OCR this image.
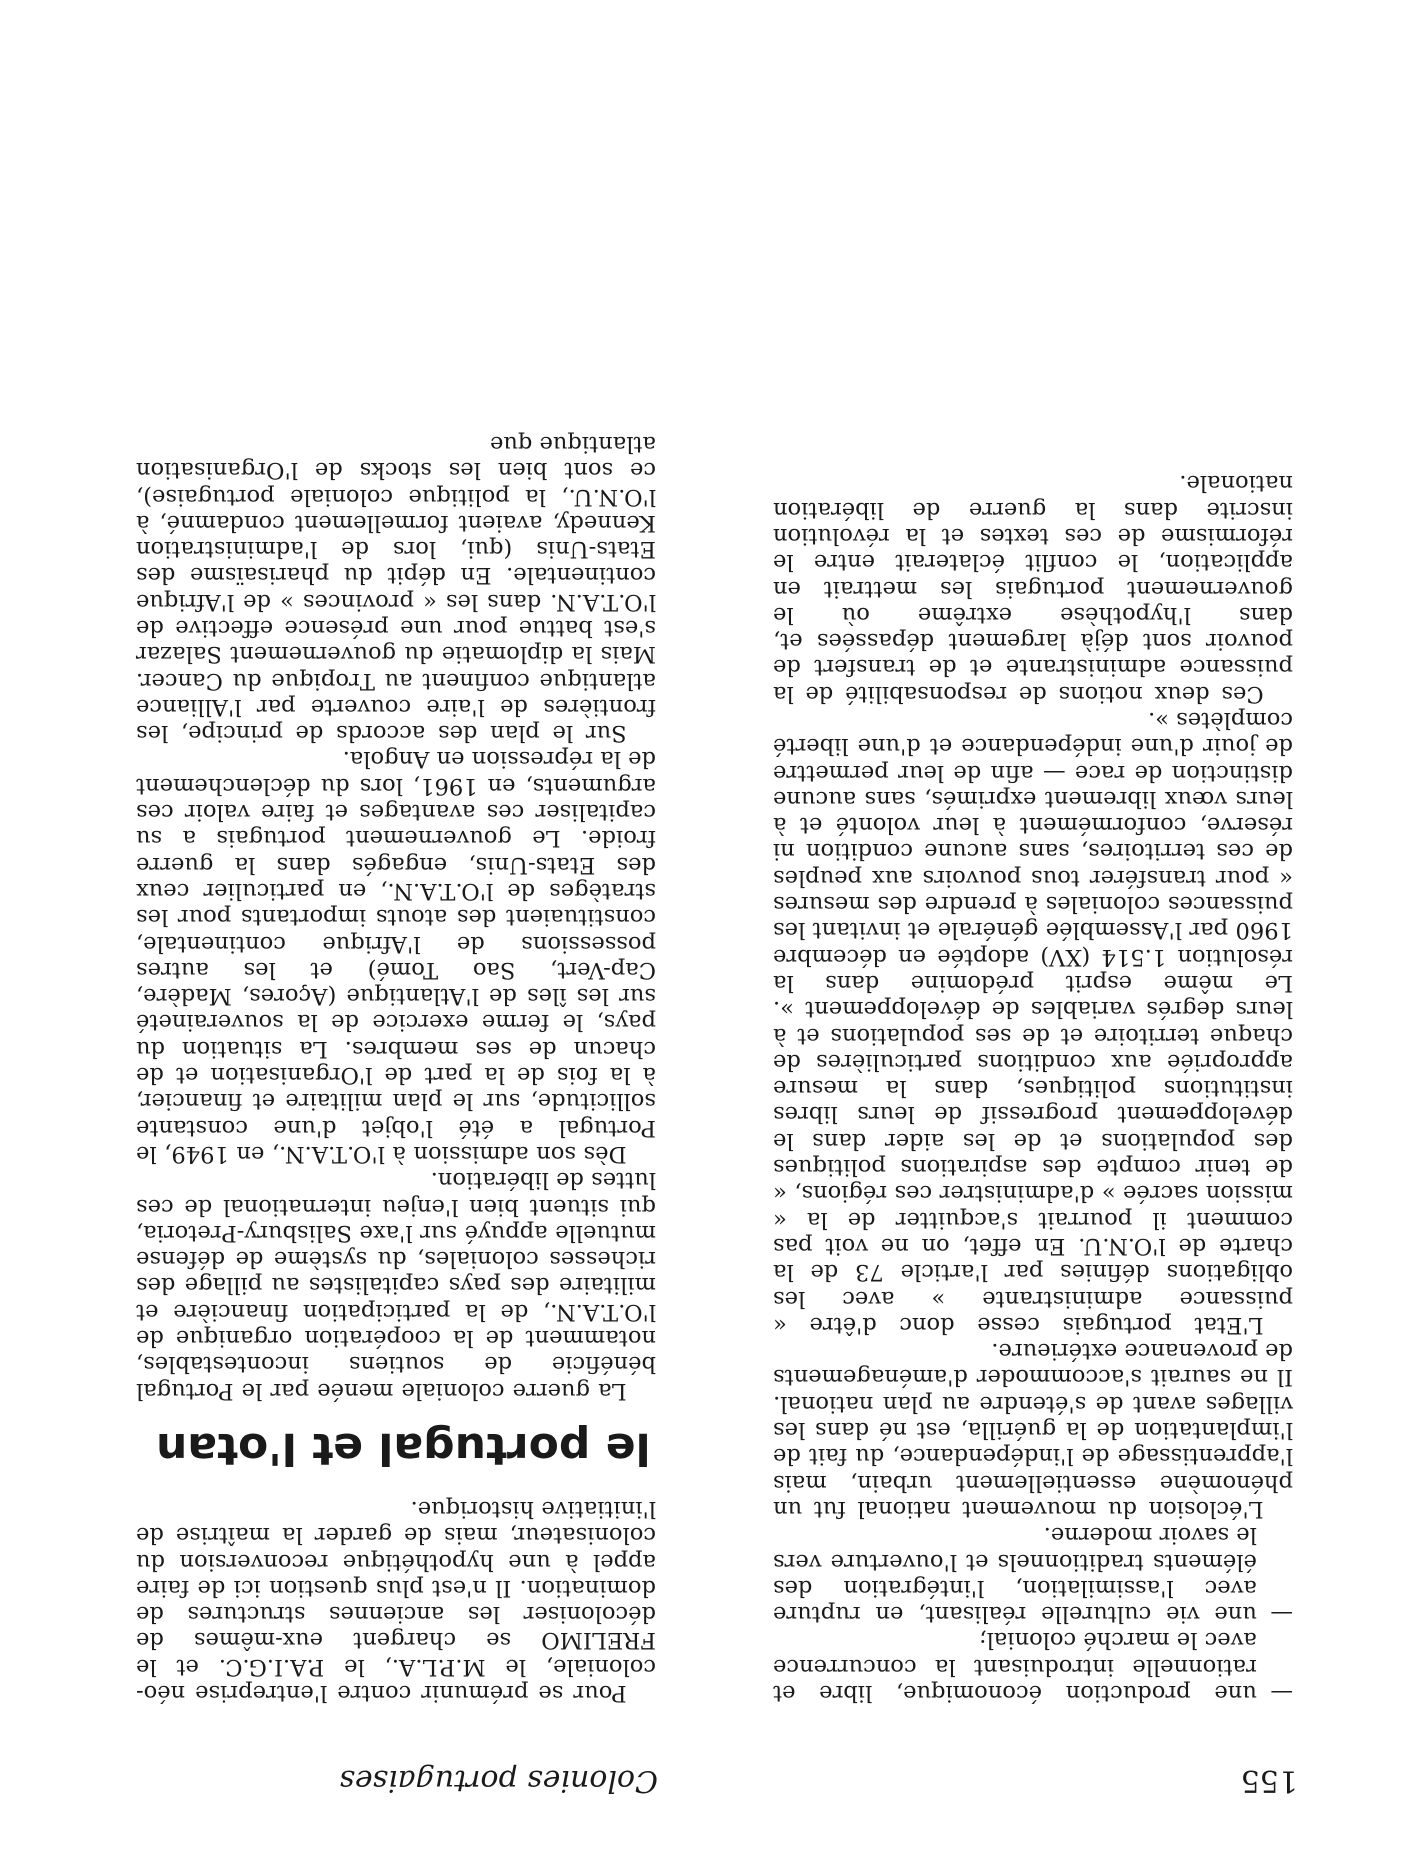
155
Colonies portugaises

— une production économique, libre et rationnelle introduisant la concurrence avec le marché colonial;

— une vie culturelle réalisant, en rupture avec l'assimilation, l'intégration des éléments traditionnels et l'ouverture vers le savoir moderne.

L'éclosion du mouvement national fut un phénomène essentiellement urbain, mais l'apprentissage de l'indépendance, du fait de l'implantation de la guérilla, est né dans les villages avant de s'étendre au plan national. Il ne saurait s'accommoder d'aménagements de provenance extérieure.

L'Etat portugais cesse donc d'être « puissance administrante » avec les obligations définies par l'article 73 de la charte de l'O.N.U. En effet, on ne voit pas comment il pourrait s'acquitter de la « mission sacrée » d'administrer ces régions, « de tenir compte des aspirations politiques des populations et de les aider dans le développement progressif de leurs libres institutions politiques, dans la mesure appropriée aux conditions particulières de chaque territoire et de ses populations et à leurs degrés variables de développement ». Le même esprit prédomine dans la résolution 1.514 (XV) adoptée en décembre 1960 par l'Assemblée générale et invitant les puissances coloniales à prendre des mesures « pour transférer tous pouvoirs aux peuples de ces territoires, sans aucune condition ni réserve, conformément à leur volonté et à leurs vœux librement exprimés, sans aucune distinction de race — afin de leur permettre de jouir d'une indépendance et d'une liberté complètes ».

Ces deux notions de responsabilité de la puissance administrante et de transfert de pouvoir sont déjà largement dépassées et, dans l'hypothèse extrême où le gouvernement portugais les mettrait en application, le conflit éclaterait entre le réformisme de ces textes et la révolution inscrite dans la guerre de libération nationale.

Pour se prémunir contre l'entreprise néo-coloniale, le M.P.L.A., le P.A.I.G.C. et le FRELIMO se chargent eux-mêmes de décoloniser les anciennes structures de domination. Il n'est plus question ici de faire appel à une hypothétique reconversion du colonisateur, mais de garder la maîtrise de l'initiative historique.

le portugal et l'otan

La guerre coloniale menée par le Portugal bénéficie de soutiens incontestables, notamment de la coopération organique de l'O.T.A.N., de la participation financière et militaire des pays capitalistes au pillage des richesses coloniales, du système de défense mutuelle appuyé sur l'axe Salisbury-Pretoria, qui situent bien l'enjeu international de ces luttes de libération.

Dès son admission à l'O.T.A.N., en 1949, le Portugal a été l'objet d'une constante sollicitude, sur le plan militaire et financier, à la fois de la part de l'Organisation et de chacun de ses membres. La situation du pays, le ferme exercice de la souveraineté sur les îles de l'Atlantique (Açores, Madère, Cap-Vert, Sao Tomé) et les autres possessions de l'Afrique continentale, constituaient des atouts importants pour les stratèges de l'O.T.A.N., en particulier ceux des Etats-Unis, engagés dans la guerre froide. Le gouvernement portugais a su capitaliser ces avantages et faire valoir ces arguments, en 1961, lors du déclenchement de la répression en Angola.

Sur le plan des accords de principe, les frontières de l'aire couverte par l'Alliance atlantique confinent au Tropique du Cancer. Mais la diplomatie du gouvernement Salazar s'est battue pour une présence effective de l'O.T.A.N. dans les « provinces » de l'Afrique continentale. En dépit du pharisaïsme des Etats-Unis (qui, lors de l'administration Kennedy, avaient formellement condamné, à l'O.N.U., la politique coloniale portugaise), ce sont bien les stocks de l'Organisation atlantique que
